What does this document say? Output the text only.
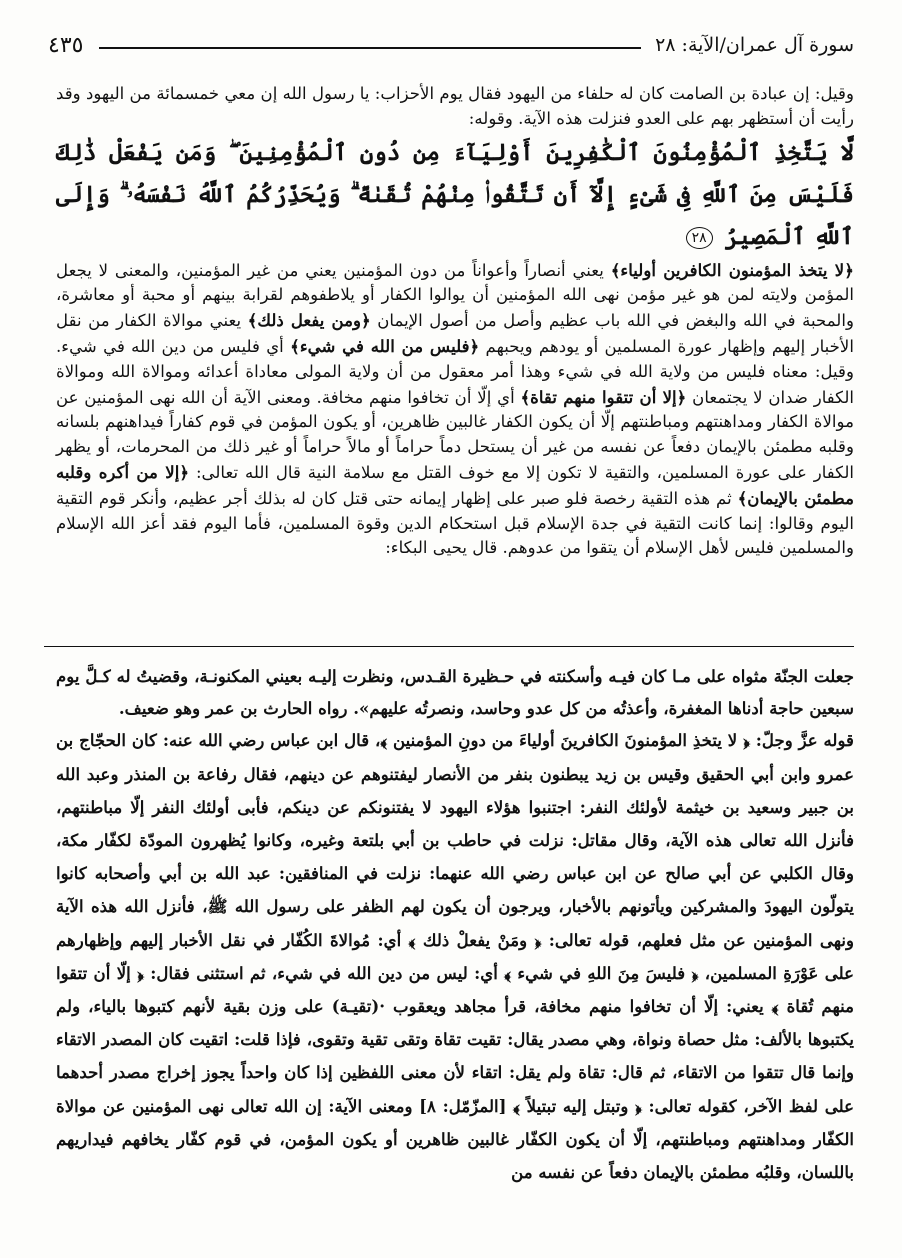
سورة آل عمران/الآية: ٢٨
٤٣٥

وقيل: إن عبادة بن الصامت كان له حلفاء من اليهود فقال يوم الأحزاب: يا رسول الله إن معي خمسمائة من اليهود وقد رأيت أن أستظهر بهم على العدو فنزلت هذه الآية. وقوله:

لَّا يَتَّخِذِ ٱلْمُؤْمِنُونَ ٱلْكَٰفِرِينَ أَوْلِيَآءَ مِن دُونِ ٱلْمُؤْمِنِينَ ۖ وَمَن يَفْعَلْ ذَٰلِكَ فَلَيْسَ مِنَ ٱللَّهِ فِى شَىْءٍ إِلَّآ أَن تَتَّقُوا۟ مِنْهُمْ تُقَىٰةً ۗ وَيُحَذِّرُكُمُ ٱللَّهُ نَفْسَهُۥ ۗ وَإِلَى ٱللَّهِ ٱلْمَصِيرُ ٢٨

﴿لا يتخذ المؤمنون الكافرين أولياء﴾ يعني أنصاراً وأعواناً من دون المؤمنين يعني من غير المؤمنين، والمعنى لا يجعل المؤمن ولايته لمن هو غير مؤمن نهى الله المؤمنين أن يوالوا الكفار أو يلاطفوهم لقرابة بينهم أو محبة أو معاشرة، والمحبة في الله والبغض في الله باب عظيم وأصل من أصول الإيمان ﴿ومن يفعل ذلك﴾ يعني موالاة الكفار من نقل الأخبار إليهم وإظهار عورة المسلمين أو يودهم ويحبهم ﴿فليس من الله في شيء﴾ أي فليس من دين الله في شيء. وقيل: معناه فليس من ولاية الله في شيء وهذا أمر معقول من أن ولاية المولى معاداة أعدائه وموالاة الله وموالاة الكفار ضدان لا يجتمعان ﴿إلا أن تتقوا منهم تقاة﴾ أي إلّا أن تخافوا منهم مخافة. ومعنى الآية أن الله نهى المؤمنين عن موالاة الكفار ومداهنتهم ومباطنتهم إلّا أن يكون الكفار غالبين ظاهرين، أو يكون المؤمن في قوم كفاراً فيداهنهم بلسانه وقلبه مطمئن بالإيمان دفعاً عن نفسه من غير أن يستحل دماً حراماً أو مالاً حراماً أو غير ذلك من المحرمات، أو يظهر الكفار على عورة المسلمين، والتقية لا تكون إلا مع خوف القتل مع سلامة النية قال الله تعالى: ﴿إلا من أكره وقلبه مطمئن بالإيمان﴾ ثم هذه التقية رخصة فلو صبر على إظهار إيمانه حتى قتل كان له بذلك أجر عظيم، وأنكر قوم التقية اليوم وقالوا: إنما كانت التقية في جدة الإسلام قبل استحكام الدين وقوة المسلمين، فأما اليوم فقد أعز الله الإسلام والمسلمين فليس لأهل الإسلام أن يتقوا من عدوهم. قال يحيى البكاء:

جعلت الجنّة مثواه على مـا كان فيـه وأسكنته في حـظيرة القـدس، ونظرت إليـه بعيني المكنونـة، وقضيتُ له كـلَّ يوم سبعين حاجة أدناها المغفرة، وأعذتُه من كل عدو وحاسد، ونصرتُه عليهم». رواه الحارث بن عمر وهو ضعيف.

قوله عزَّ وجلّ: ﴿ لا يتخذِ المؤمنونَ الكافرينَ أولياءَ من دونِ المؤمنين ﴾، قال ابن عباس رضي الله عنه: كان الحجّاج بن عمرو وابن أبي الحقيق وقيس بن زيد يبطنون بنفر من الأنصار ليفتنوهم عن دينهم، فقال رفاعة بن المنذر وعبد الله بن جبير وسعيد بن خيثمة لأولئك النفر: اجتنبوا هؤلاء اليهود لا يفتنونكم عن دينكم، فأبى أولئك النفر إلّا مباطنتهم، فأنزل الله تعالى هذه الآية، وقال مقاتل: نزلت في حاطب بن أبي بلتعة وغيره، وكانوا يُظهرون المودّة لكفّار مكة، وقال الكلبي عن أبي صالح عن ابن عباس رضي الله عنهما: نزلت في المنافقين: عبد الله بن أبي وأصحابه كانوا يتولّون اليهودَ والمشركين ويأتونهم بالأخبار، ويرجون أن يكون لهم الظفر على رسول الله ﷺ، فأنزل الله هذه الآية ونهى المؤمنين عن مثل فعلهم، قوله تعالى: ﴿ ومَنْ يفعلْ ذلك ﴾ أي: مُوالاةَ الكُفّار في نقل الأخبار إليهم وإظهارهم على عَوْرَةِ المسلمين، ﴿ فليسَ مِنَ اللهِ في شيء ﴾ أي: ليس من دين الله في شيء، ثم استثنى فقال: ﴿ إلّا أن تتقوا منهم تُقاة ﴾ يعني: إلّا أن تخافوا منهم مخافة، قرأ مجاهد ويعقوب ·(تقيـة) على وزن بقية لأنهم كتبوها بالياء، ولم يكتبوها بالألف: مثل حصاة ونواة، وهي مصدر يقال: تقيت تقاة وتقى تقية وتقوى، فإذا قلت: اتقيت كان المصدر الاتقاء وإنما قال تتقوا من الاتقاء، ثم قال: تقاة ولم يقل: اتقاء لأن معنى اللفظين إذا كان واحداً يجوز إخراج مصدر أحدهما على لفظ الآخر، كقوله تعالى: ﴿ وتبتل إليه تبتيلاً ﴾ [المزّمّل: ٨] ومعنى الآية: إن الله تعالى نهى المؤمنين عن موالاة الكفّار ومداهنتهم ومباطنتهم، إلّا أن يكون الكفّار غالبين ظاهرين أو يكون المؤمن، في قوم كفّار يخافهم فيداريهم باللسان، وقلبُه مطمئن بالإيمان دفعاً عن نفسه من
